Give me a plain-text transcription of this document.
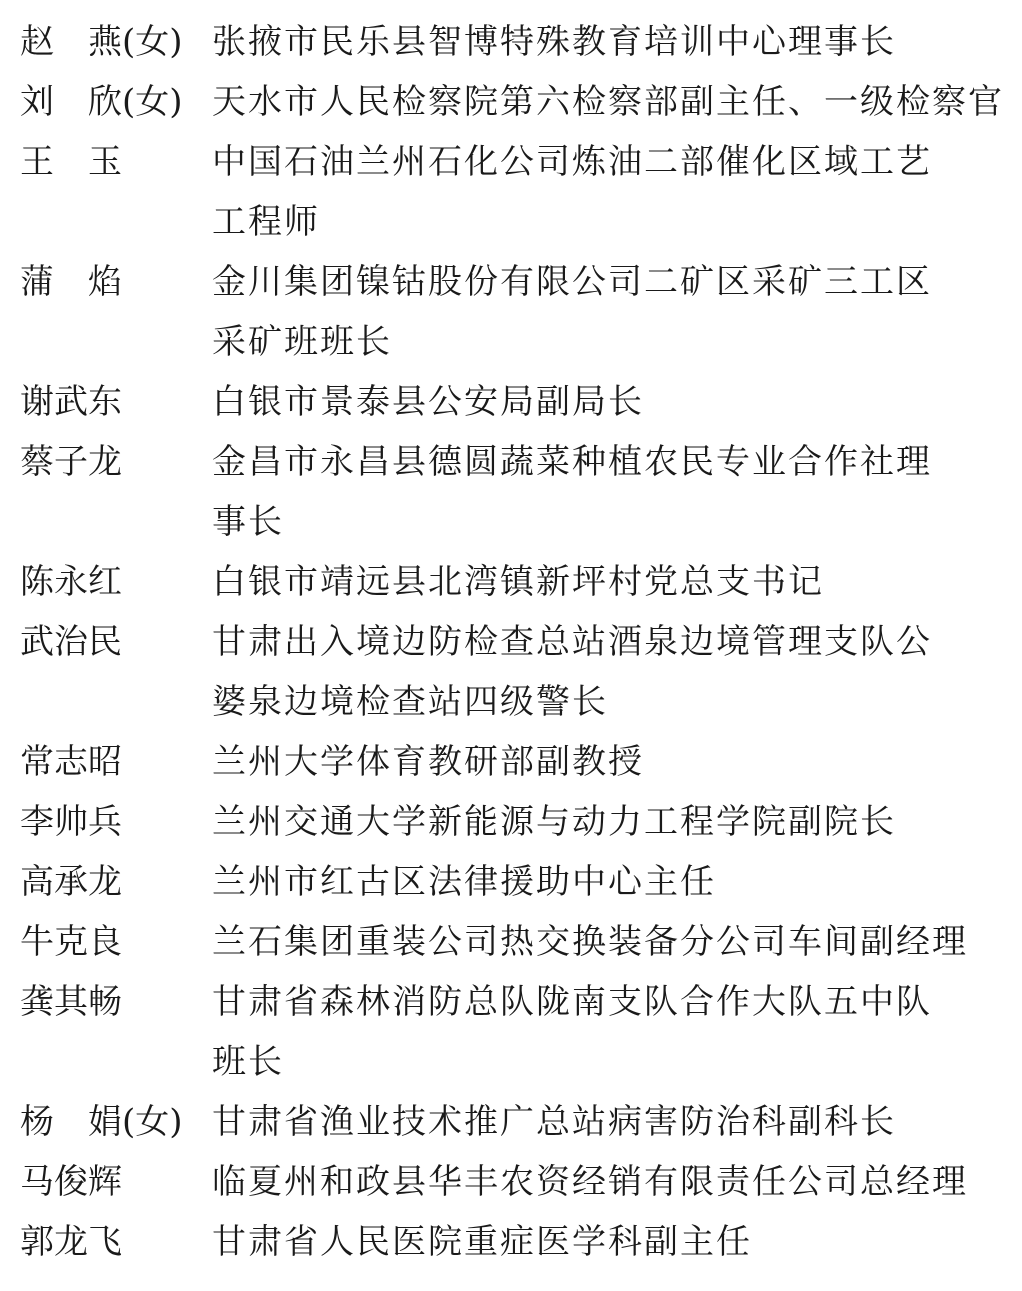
赵　燕(女) 张掖市民乐县智博特殊教育培训中心理事长
刘　欣(女) 天水市人民检察院第六检察部副主任、一级检察官
王　玉	中国石油兰州石化公司炼油二部催化区域工艺
工程师
蒲　焰	金川集团镍钴股份有限公司二矿区采矿三工区
采矿班班长
谢武东	白银市景泰县公安局副局长
蔡子龙	金昌市永昌县德圆蔬菜种植农民专业合作社理
事长
陈永红	白银市靖远县北湾镇新坪村党总支书记
武治民	甘肃出入境边防检查总站酒泉边境管理支队公
婆泉边境检查站四级警长
常志昭	兰州大学体育教研部副教授
李帅兵	兰州交通大学新能源与动力工程学院副院长
高承龙	兰州市红古区法律援助中心主任
牛克良	兰石集团重装公司热交换装备分公司车间副经理
龚其畅	甘肃省森林消防总队陇南支队合作大队五中队
班长
杨　娟(女) 甘肃省渔业技术推广总站病害防治科副科长
马俊辉	临夏州和政县华丰农资经销有限责任公司总经理
郭龙飞	甘肃省人民医院重症医学科副主任
